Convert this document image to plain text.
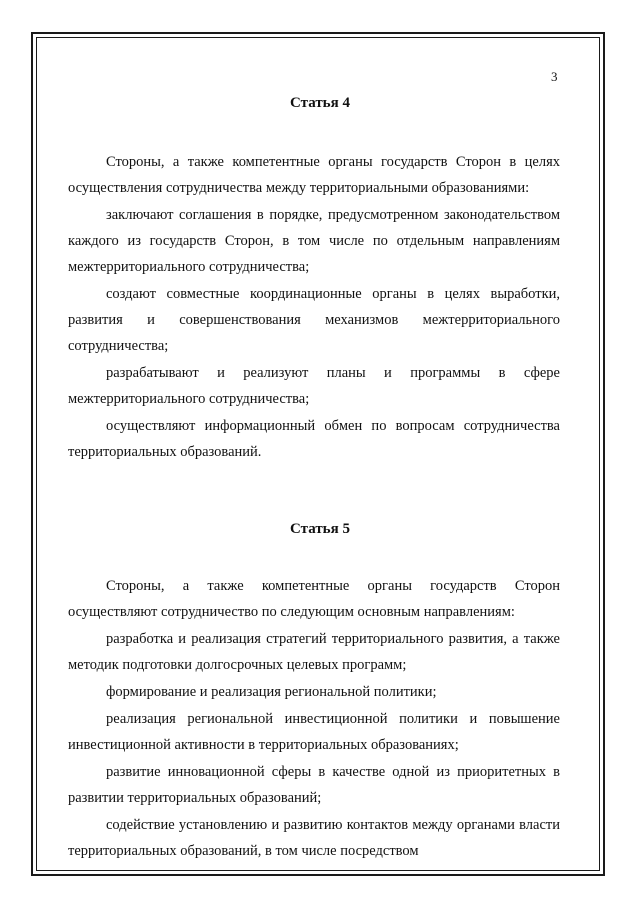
3
Статья 4

Стороны, а также компетентные органы государств Сторон в целях осуществления сотрудничества между территориальными образованиями:

заключают соглашения в порядке, предусмотренном законодательством каждого из государств Сторон, в том числе по отдельным направлениям межтерриториального сотрудничества;

создают совместные координационные органы в целях выработки, развития и совершенствования механизмов межтерриториального сотрудничества;

разрабатывают и реализуют планы и программы в сфере межтерриториального сотрудничества;

осуществляют информационный обмен по вопросам сотрудничества территориальных образований.

Статья 5

Стороны, а также компетентные органы государств Сторон осуществляют сотрудничество по следующим основным направлениям:

разработка и реализация стратегий территориального развития, а также методик подготовки долгосрочных целевых программ;

формирование и реализация региональной политики;

реализация региональной инвестиционной политики и повышение инвестиционной активности в территориальных образованиях;

развитие инновационной сферы в качестве одной из приоритетных в развитии территориальных образований;

содействие установлению и развитию контактов между органами власти территориальных образований, в том числе посредством
